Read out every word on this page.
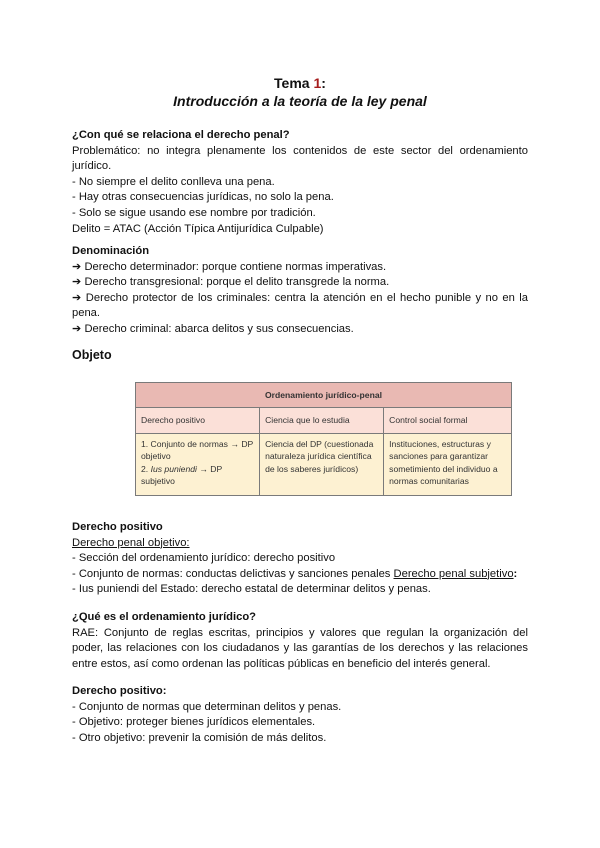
Tema 1:
Introducción a la teoría de la ley penal
¿Con qué se relaciona el derecho penal?
Problemático: no integra plenamente los contenidos de este sector del ordenamiento jurídico.
- No siempre el delito conlleva una pena.
- Hay otras consecuencias jurídicas, no solo la pena.
- Solo se sigue usando ese nombre por tradición.
Delito = ATAC (Acción Típica Antijurídica Culpable)
Denominación
➔ Derecho determinador: porque contiene normas imperativas.
➔ Derecho transgresional: porque el delito transgrede la norma.
➔ Derecho protector de los criminales: centra la atención en el hecho punible y no en la pena.
➔ Derecho criminal: abarca delitos y sus consecuencias.
Objeto
Ordenamiento jurídico-penal		
Derecho positivo	Ciencia que lo estudia	Control social formal

1. Conjunto de normas → DP objetivo
2. Ius puniendi → DP subjetivo	Ciencia del DP (cuestionada naturaleza jurídica científica de los saberes jurídicos)	Instituciones, estructuras y sanciones para garantizar sometimiento del individuo a normas comunitarias
Derecho positivo
Derecho penal objetivo:
- Sección del ordenamiento jurídico: derecho positivo
- Conjunto de normas: conductas delictivas y sanciones penales Derecho penal subjetivo:
- Ius puniendi del Estado: derecho estatal de determinar delitos y penas.
¿Qué es el ordenamiento jurídico?
RAE: Conjunto de reglas escritas, principios y valores que regulan la organización del poder, las relaciones con los ciudadanos y las garantías de los derechos y las relaciones entre estos, así como ordenan las políticas públicas en beneficio del interés general.
Derecho positivo:
- Conjunto de normas que determinan delitos y penas.
- Objetivo: proteger bienes jurídicos elementales.
- Otro objetivo: prevenir la comisión de más delitos.
